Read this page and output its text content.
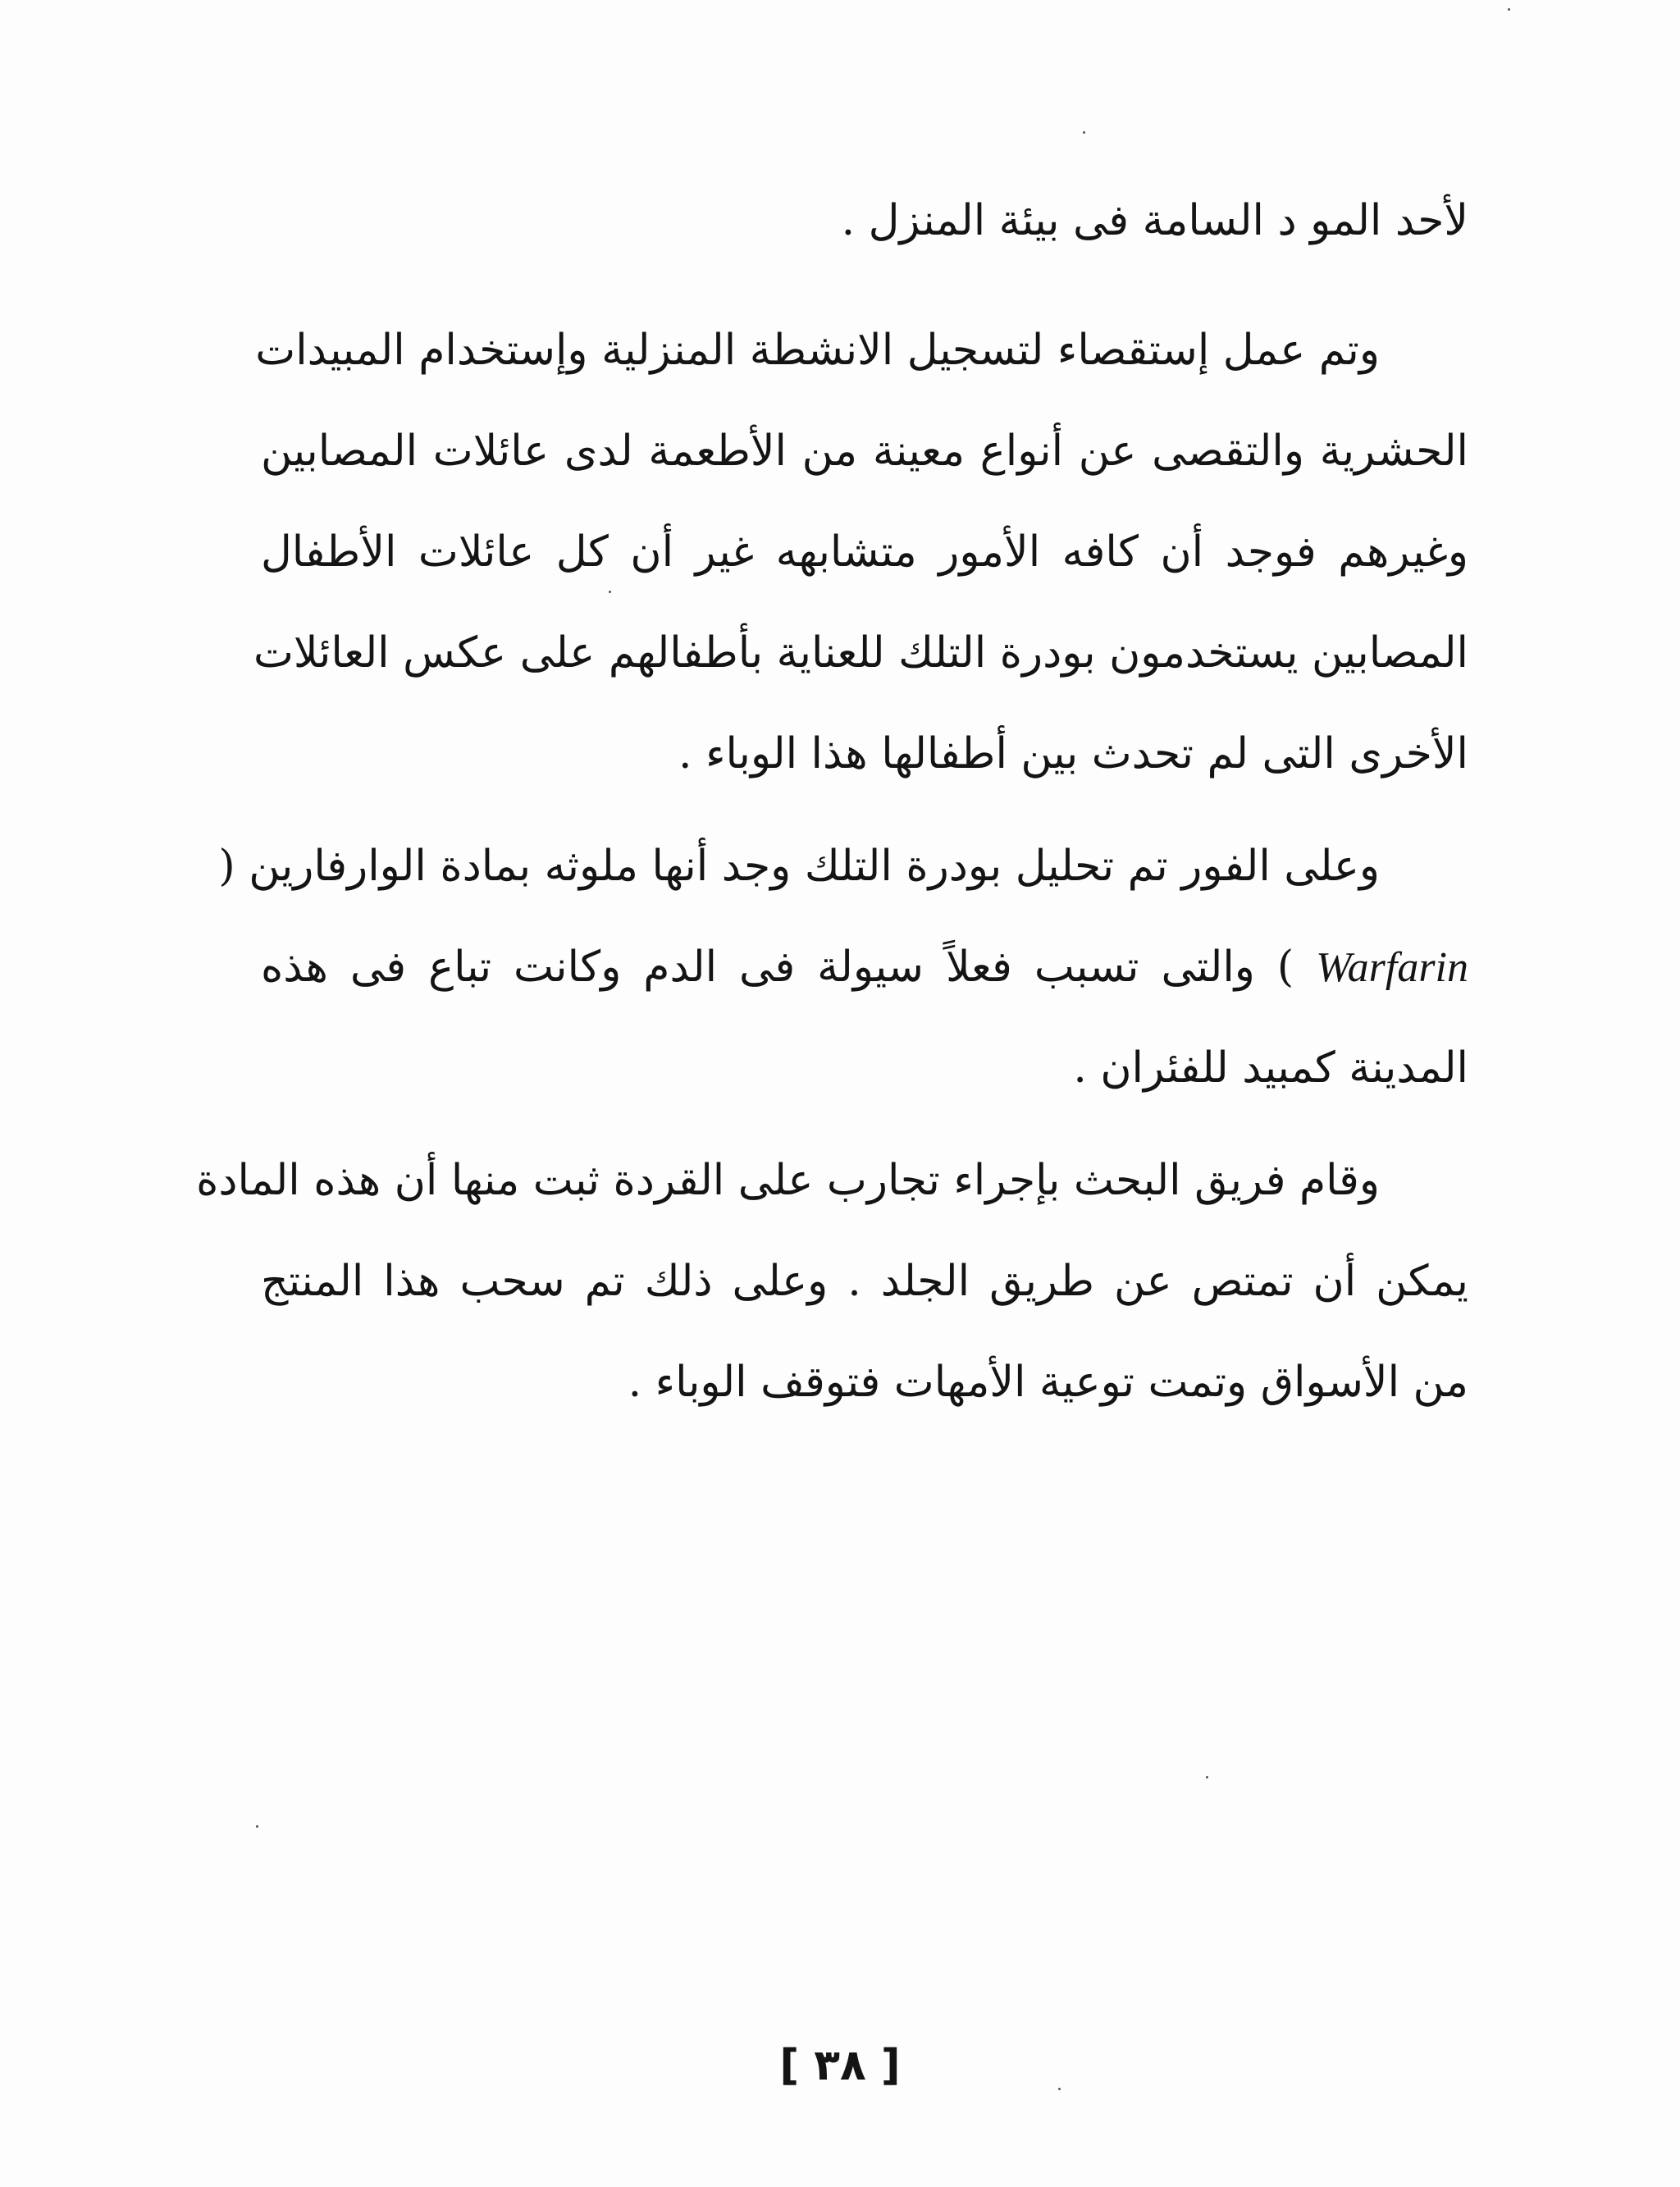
لأحد المو د السامة فى بيئة المنزل .
وتم عمل إستقصاء لتسجيل الانشطة المنزلية وإستخدام المبيدات
الحشرية والتقصى عن أنواع معينة من الأطعمة لدى عائلات المصابين
وغيرهم فوجد أن كافه الأمور متشابهه غير أن كل عائلات الأطفال
المصابين يستخدمون بودرة التلك للعناية بأطفالهم على عكس العائلات
الأخرى التى لم تحدث بين أطفالها هذا الوباء .
وعلى الفور تم تحليل بودرة التلك وجد أنها ملوثه بمادة الوارفارين (
Warfarin ) والتى تسبب فعلاً سيولة فى الدم وكانت تباع فى هذه
المدينة كمبيد للفئران .
وقام فريق البحث بإجراء تجارب على القردة ثبت منها أن هذه المادة
يمكن أن تمتص عن طريق الجلد . وعلى ذلك تم سحب هذا المنتج
من الأسواق وتمت توعية الأمهات فتوقف الوباء .
[ ٣٨ ]
